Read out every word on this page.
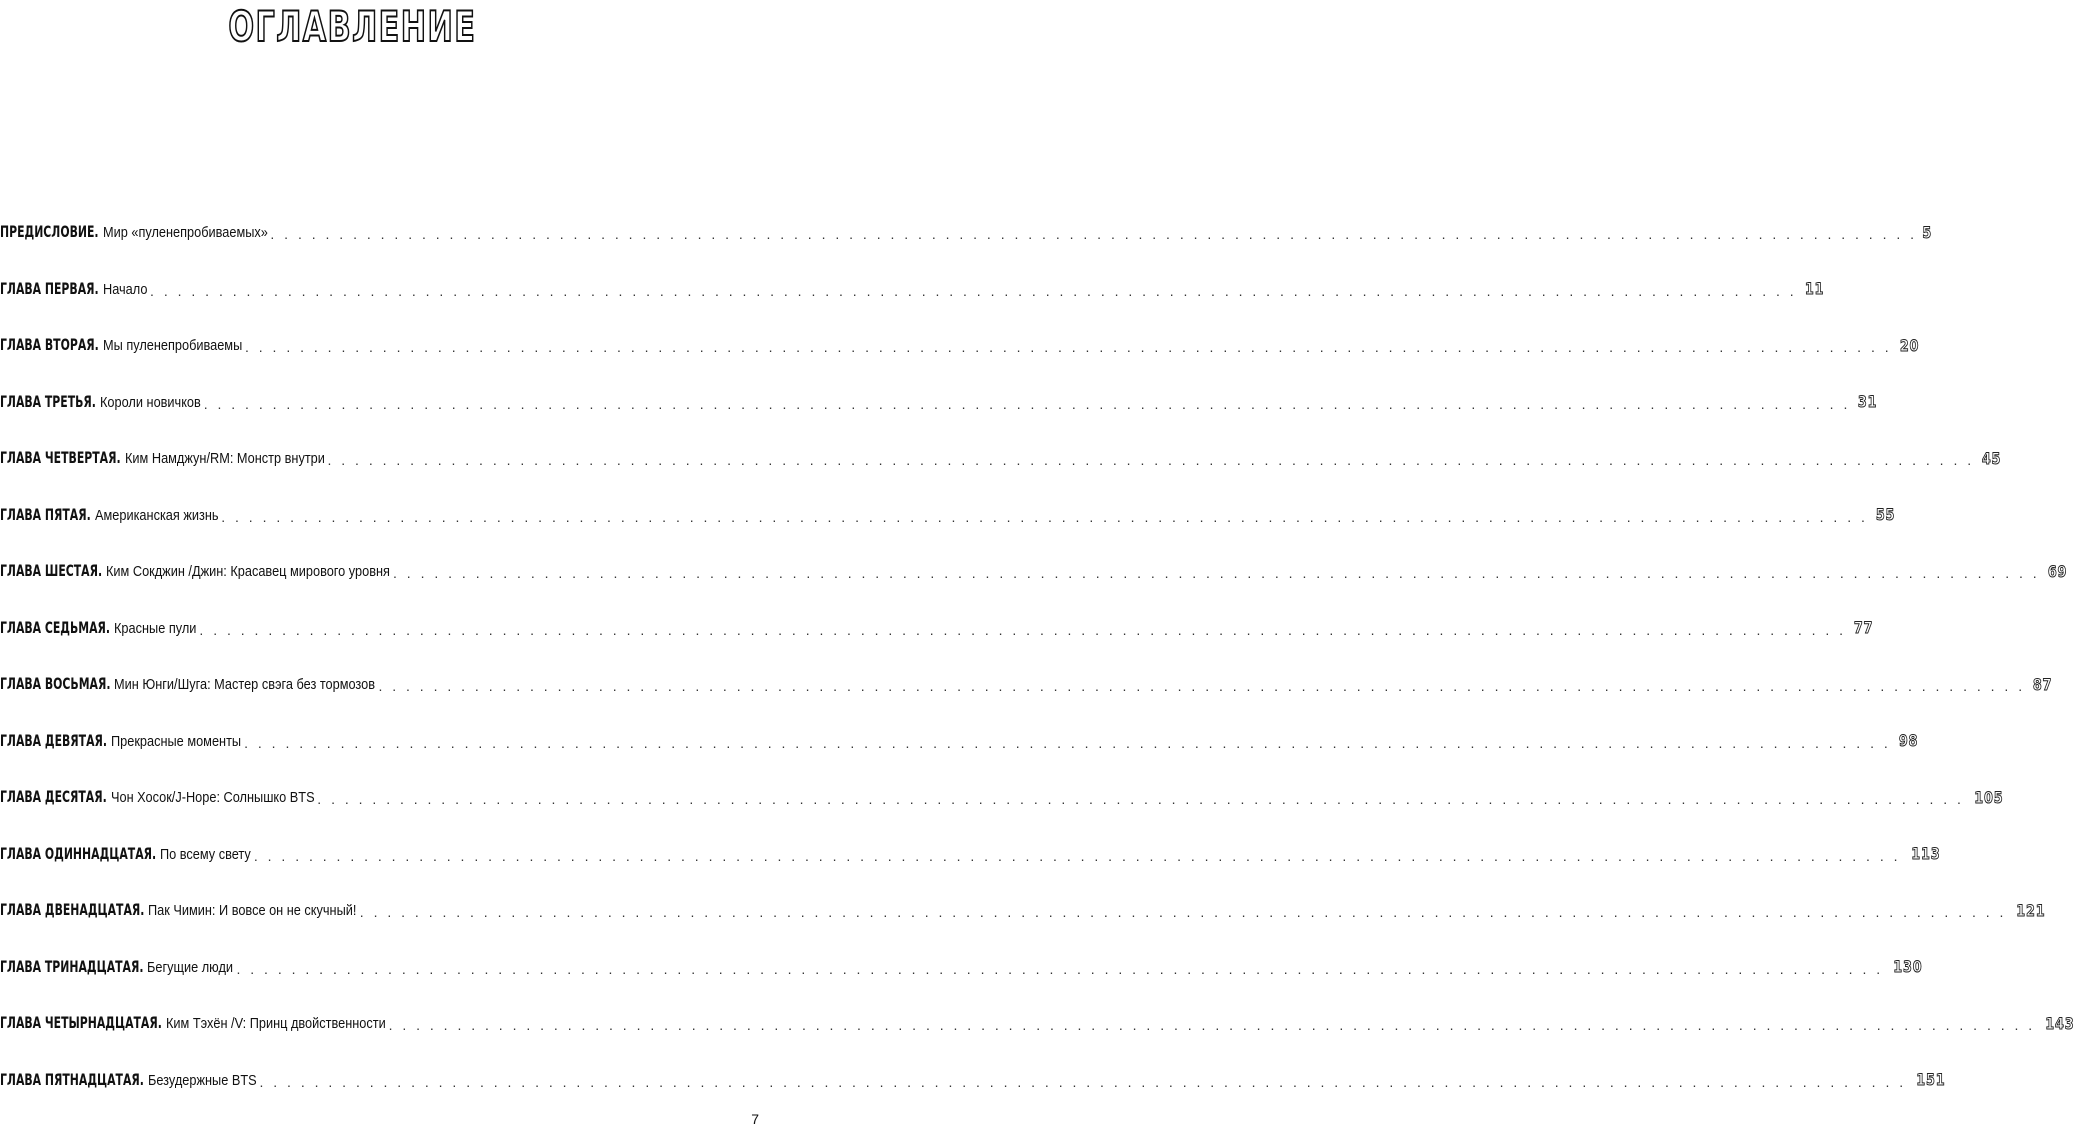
ОГЛАВЛЕНИЕ
ПРЕДИСЛОВИЕ. Мир «пуленепробиваемых» . . . . . . . . . . . . . . . . . . . . . . . . . . . . . . . . . . . . . . . . . . . . . . . . . . . . . . . . . . . . . . . . . . . . . . . . . . . . . . . . . . . . . . . . . . . . . . . . . . . . . . . . . . . . . . . . . . . . . . . . 5
ГЛАВА ПЕРВАЯ. Начало . . . . . . . . . . . . . . . . . . . . . . . . . . . . . . . . . . . . . . . . . . . . . . . . . . . . . . . . . . . . . . . . . . . . . . . . . . . . . . . . . . . . . . . . . . . . . . . . . . . . . . . . . . . . . . . . . . . . . . . . 11
ГЛАВА ВТОРАЯ. Мы пуленепробиваемы . . . . . . . . . . . . . . . . . . . . . . . . . . . . . . . . . . . . . . . . . . . . . . . . . . . . . . . . . . . . . . . . . . . . . . . . . . . . . . . . . . . . . . . . . . . . . . . . . . . . . . . . . . . . . . . . . . . . . . . . 20
ГЛАВА ТРЕТЬЯ. Короли новичков . . . . . . . . . . . . . . . . . . . . . . . . . . . . . . . . . . . . . . . . . . . . . . . . . . . . . . . . . . . . . . . . . . . . . . . . . . . . . . . . . . . . . . . . . . . . . . . . . . . . . . . . . . . . . . . . . . . . . . . . 31
ГЛАВА ЧЕТВЕРТАЯ. Ким Намджун/RM: Монстр внутри . . . . . . . . . . . . . . . . . . . . . . . . . . . . . . . . . . . . . . . . . . . . . . . . . . . . . . . . . . . . . . . . . . . . . . . . . . . . . . . . . . . . . . . . . . . . . . . . . . . . . . . . . . . . . . . . . . . . . . . . 45
ГЛАВА ПЯТАЯ. Американская жизнь . . . . . . . . . . . . . . . . . . . . . . . . . . . . . . . . . . . . . . . . . . . . . . . . . . . . . . . . . . . . . . . . . . . . . . . . . . . . . . . . . . . . . . . . . . . . . . . . . . . . . . . . . . . . . . . . . . . . . . . . 55
ГЛАВА ШЕСТАЯ. Ким Сокджин /Джин: Красавец мирового уровня . . . . . . . . . . . . . . . . . . . . . . . . . . . . . . . . . . . . . . . . . . . . . . . . . . . . . . . . . . . . . . . . . . . . . . . . . . . . . . . . . . . . . . . . . . . . . . . . . . . . . . . . . . . . . . . . . . . . . . . . 69
ГЛАВА СЕДЬМАЯ. Красные пули . . . . . . . . . . . . . . . . . . . . . . . . . . . . . . . . . . . . . . . . . . . . . . . . . . . . . . . . . . . . . . . . . . . . . . . . . . . . . . . . . . . . . . . . . . . . . . . . . . . . . . . . . . . . . . . . . . . . . . . . 77
ГЛАВА ВОСЬМАЯ. Мин Юнги/Шуга: Мастер свэга без тормозов . . . . . . . . . . . . . . . . . . . . . . . . . . . . . . . . . . . . . . . . . . . . . . . . . . . . . . . . . . . . . . . . . . . . . . . . . . . . . . . . . . . . . . . . . . . . . . . . . . . . . . . . . . . . . . . . . . . . . . . . 87
ГЛАВА ДЕВЯТАЯ. Прекрасные моменты . . . . . . . . . . . . . . . . . . . . . . . . . . . . . . . . . . . . . . . . . . . . . . . . . . . . . . . . . . . . . . . . . . . . . . . . . . . . . . . . . . . . . . . . . . . . . . . . . . . . . . . . . . . . . . . . . . . . . . . . 98
ГЛАВА ДЕСЯТАЯ. Чон Хосок/J-Hope: Солнышко BTS . . . . . . . . . . . . . . . . . . . . . . . . . . . . . . . . . . . . . . . . . . . . . . . . . . . . . . . . . . . . . . . . . . . . . . . . . . . . . . . . . . . . . . . . . . . . . . . . . . . . . . . . . . . . . . . . . . . . . . . . 105
ГЛАВА ОДИННАДЦАТАЯ. По всему свету . . . . . . . . . . . . . . . . . . . . . . . . . . . . . . . . . . . . . . . . . . . . . . . . . . . . . . . . . . . . . . . . . . . . . . . . . . . . . . . . . . . . . . . . . . . . . . . . . . . . . . . . . . . . . . . . . . . . . . . . 113
ГЛАВА ДВЕНАДЦАТАЯ. Пак Чимин: И вовсе он не скучный! . . . . . . . . . . . . . . . . . . . . . . . . . . . . . . . . . . . . . . . . . . . . . . . . . . . . . . . . . . . . . . . . . . . . . . . . . . . . . . . . . . . . . . . . . . . . . . . . . . . . . . . . . . . . . . . . . . . . . . . . 121
ГЛАВА ТРИНАДЦАТАЯ. Бегущие люди . . . . . . . . . . . . . . . . . . . . . . . . . . . . . . . . . . . . . . . . . . . . . . . . . . . . . . . . . . . . . . . . . . . . . . . . . . . . . . . . . . . . . . . . . . . . . . . . . . . . . . . . . . . . . . . . . . . . . . . . 130
ГЛАВА ЧЕТЫРНАДЦАТАЯ. Ким Тэхён /V: Принц двойственности . . . . . . . . . . . . . . . . . . . . . . . . . . . . . . . . . . . . . . . . . . . . . . . . . . . . . . . . . . . . . . . . . . . . . . . . . . . . . . . . . . . . . . . . . . . . . . . . . . . . . . . . . . . . . . . . . . . . . . . . 143
ГЛАВА ПЯТНАДЦАТАЯ. Безудержные BTS . . . . . . . . . . . . . . . . . . . . . . . . . . . . . . . . . . . . . . . . . . . . . . . . . . . . . . . . . . . . . . . . . . . . . . . . . . . . . . . . . . . . . . . . . . . . . . . . . . . . . . . . . . . . . . . . . . . . . . . . 151
7
